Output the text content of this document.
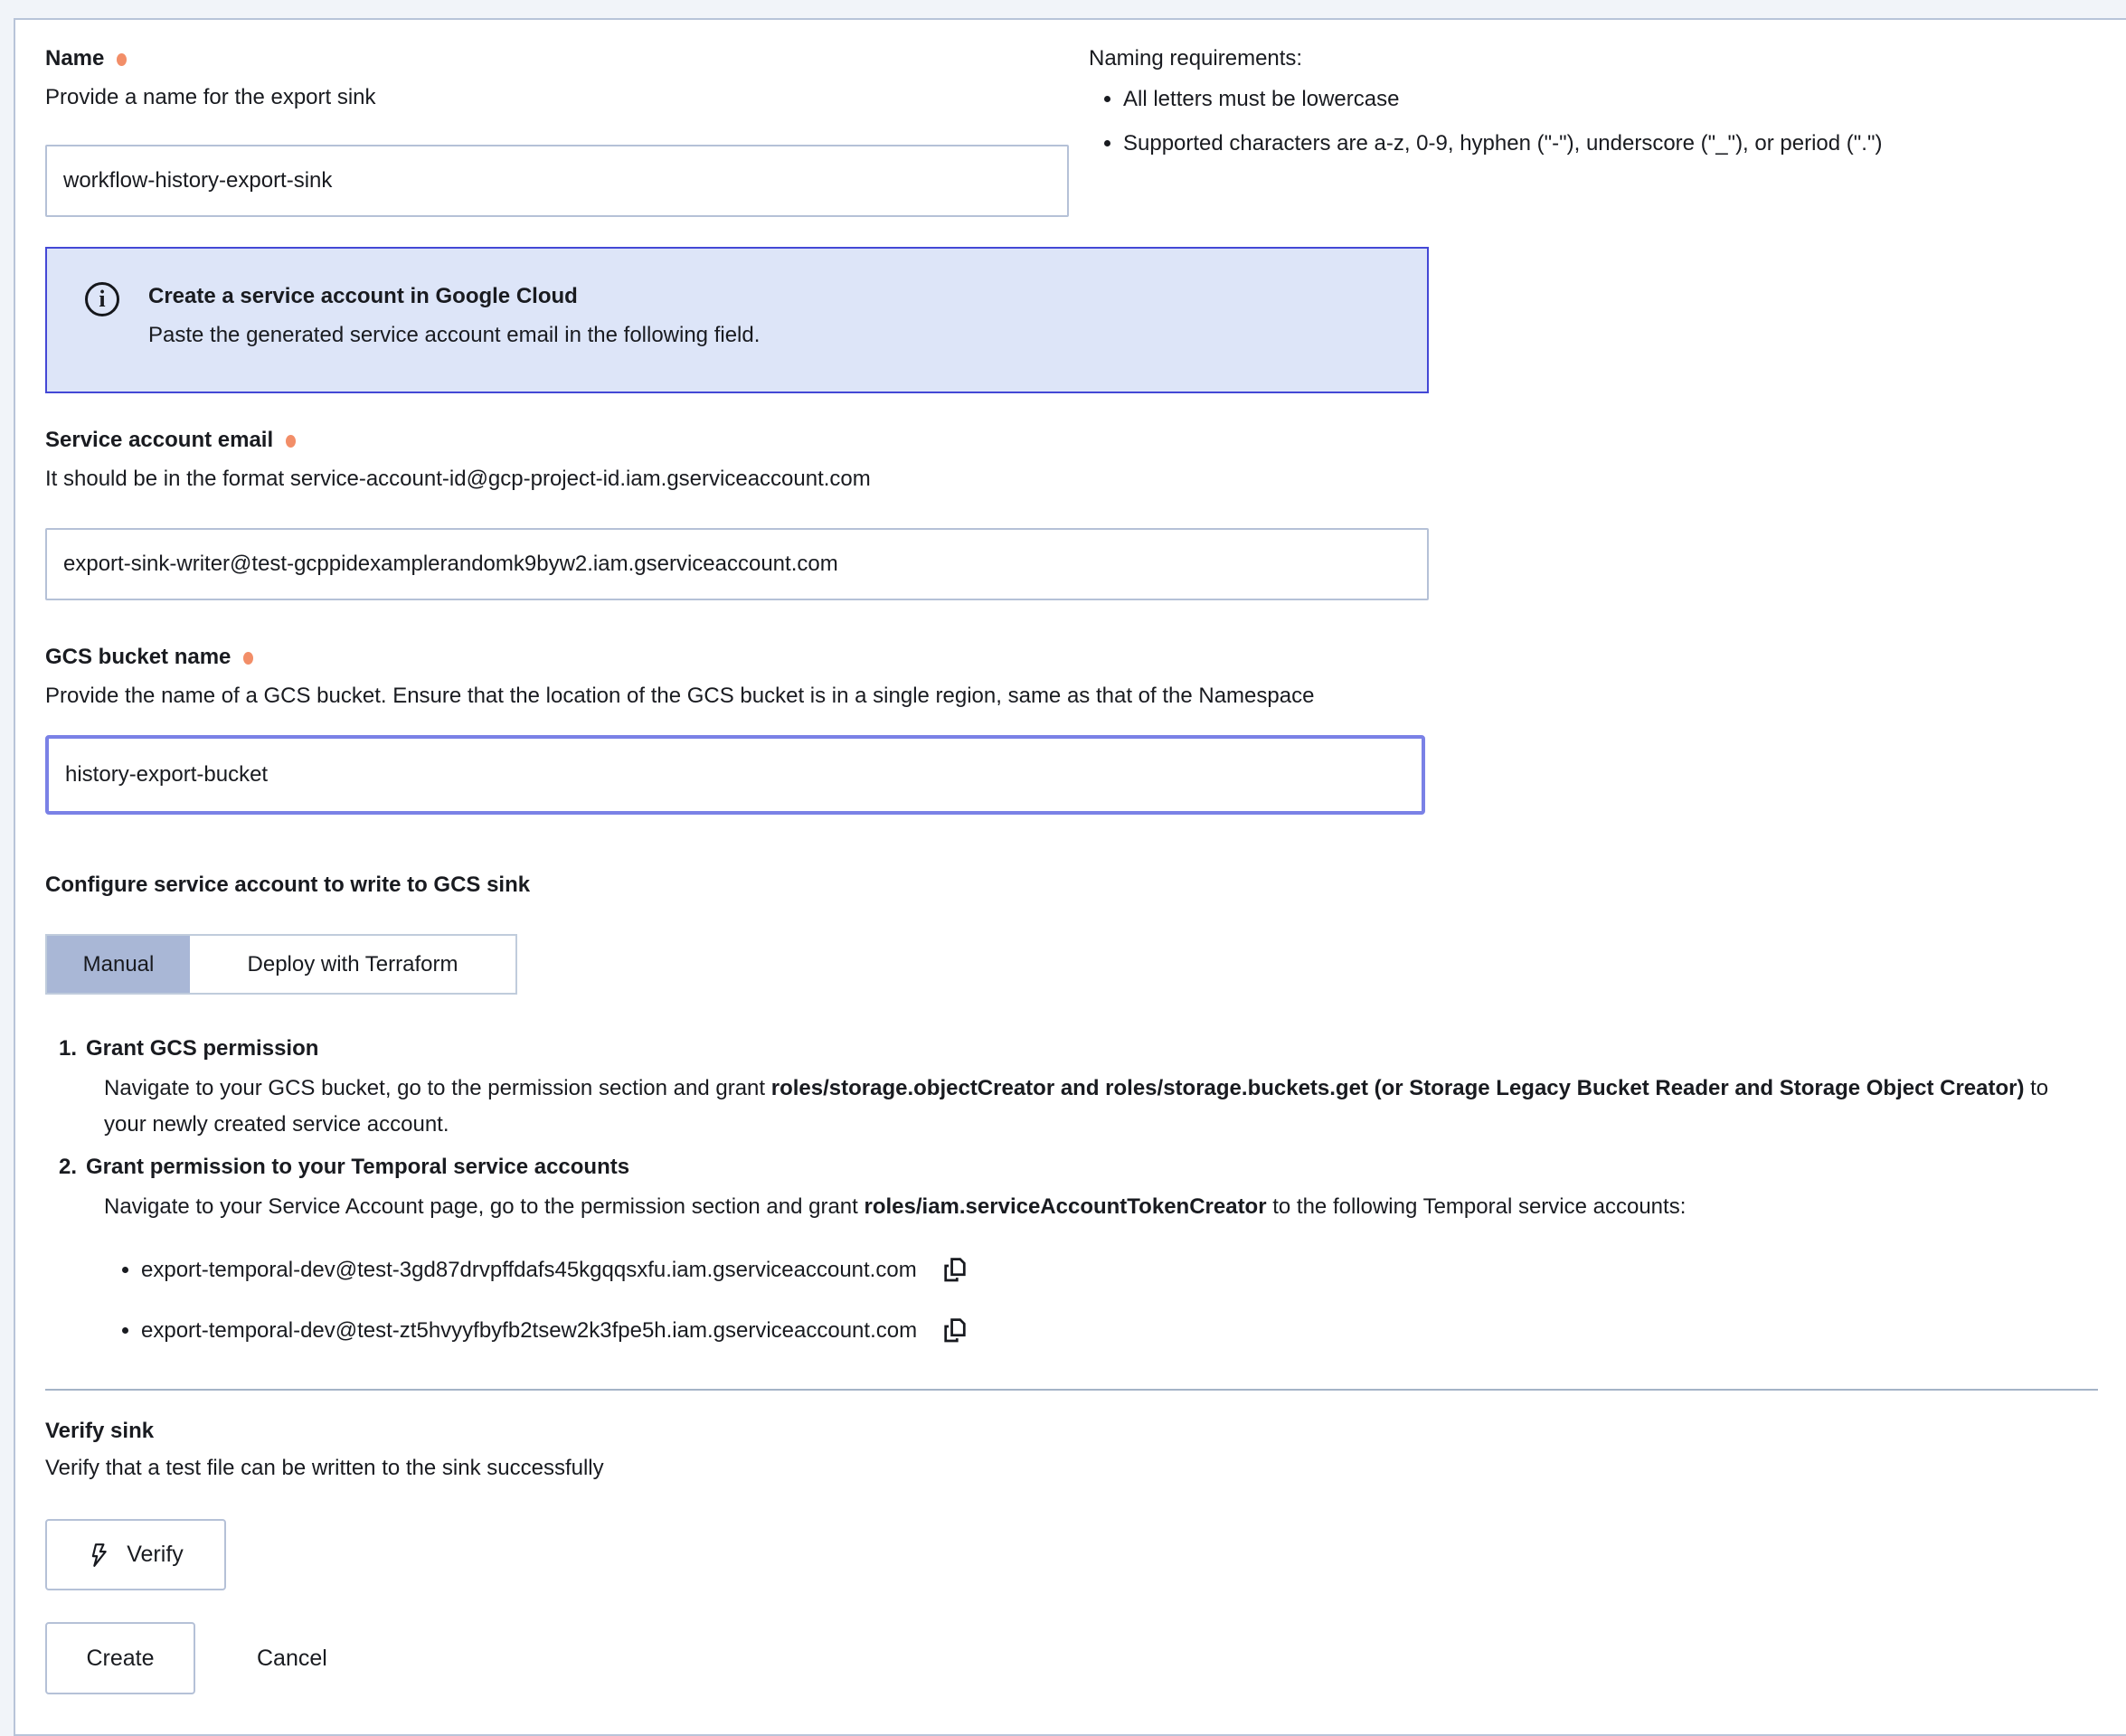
Name
Provide a name for the export sink
workflow-history-export-sink
Naming requirements:
• All letters must be lowercase
• Supported characters are a-z, 0-9, hyphen ("-"), underscore ("_"), or period (".")
i	Create a service account in Google Cloud
Paste the generated service account email in the following field.
Service account email
It should be in the format service-account-id@gcp-project-id.iam.gserviceaccount.com
export-sink-writer@test-gcppidexamplerandomk9byw2.iam.gserviceaccount.com
GCS bucket name
Provide the name of a GCS bucket. Ensure that the location of the GCS bucket is in a single region, same as that of the Namespace
history-export-bucket
Configure service account to write to GCS sink
Manual	Deploy with Terraform
1. Grant GCS permission
Navigate to your GCS bucket, go to the permission section and grant roles/storage.objectCreator and roles/storage.buckets.get (or Storage Legacy Bucket Reader and Storage Object Creator) to your newly created service account.
2. Grant permission to your Temporal service accounts
Navigate to your Service Account page, go to the permission section and grant roles/iam.serviceAccountTokenCreator to the following Temporal service accounts:
• export-temporal-dev@test-3gd87drvpffdafs45kgqqsxfu.iam.gserviceaccount.com
• export-temporal-dev@test-zt5hvyyfbyfb2tsew2k3fpe5h.iam.gserviceaccount.com
Verify sink
Verify that a test file can be written to the sink successfully
Verify
Create	Cancel
